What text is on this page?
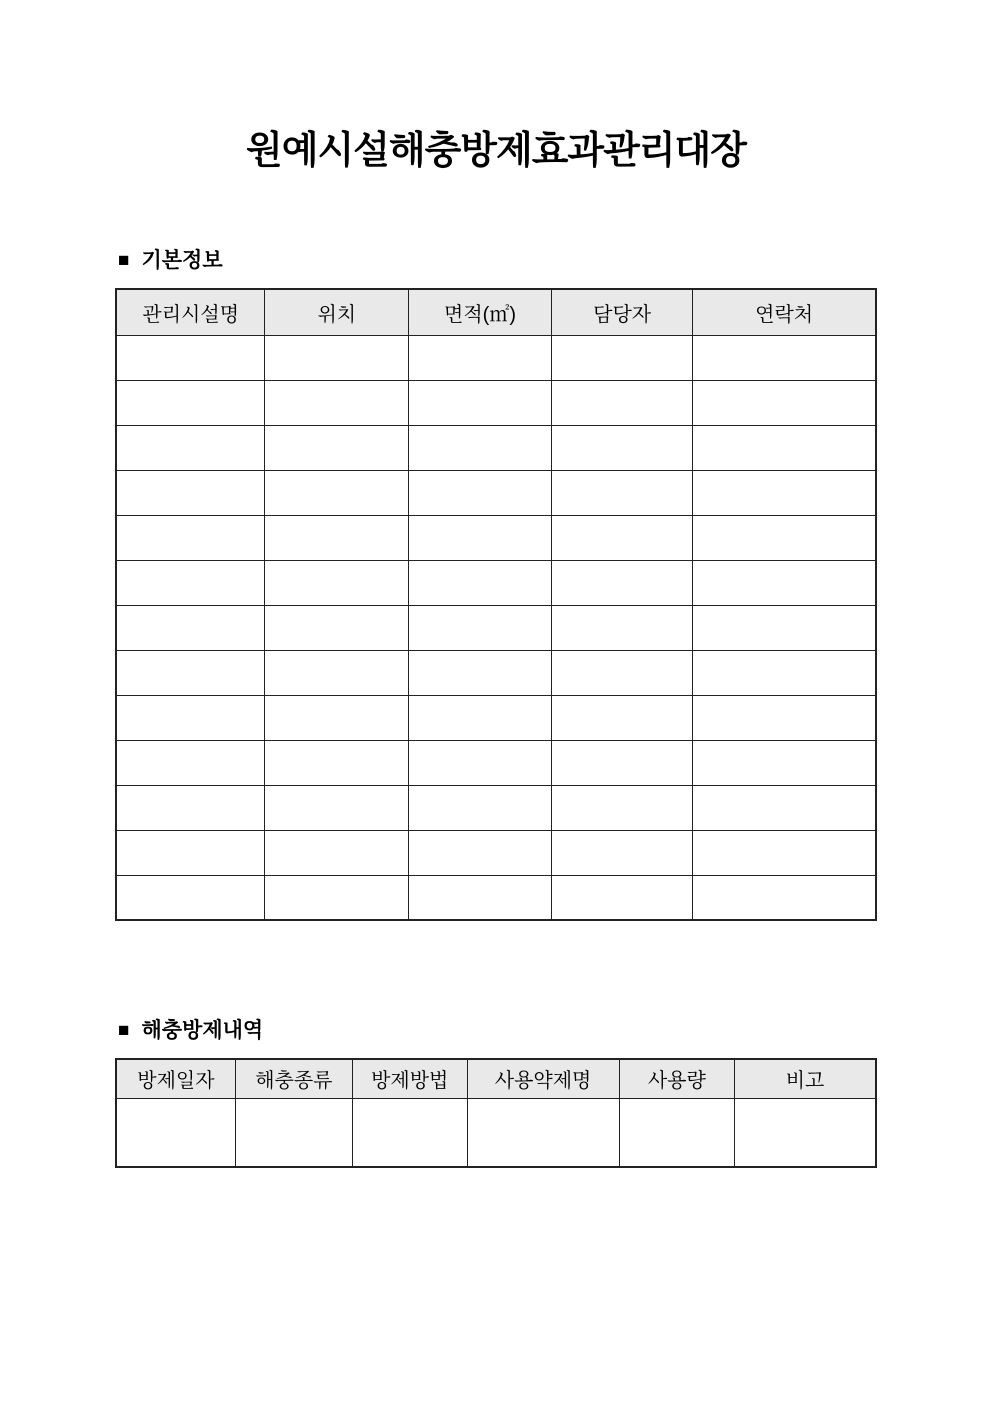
원예시설해충방제효과관리대장
■ 기본정보
관리시설명	위치	면적(㎡)	담당자	연락처

■ 해충방제내역
방제일자	해충종류	방제방법	사용약제명	사용량	비고
